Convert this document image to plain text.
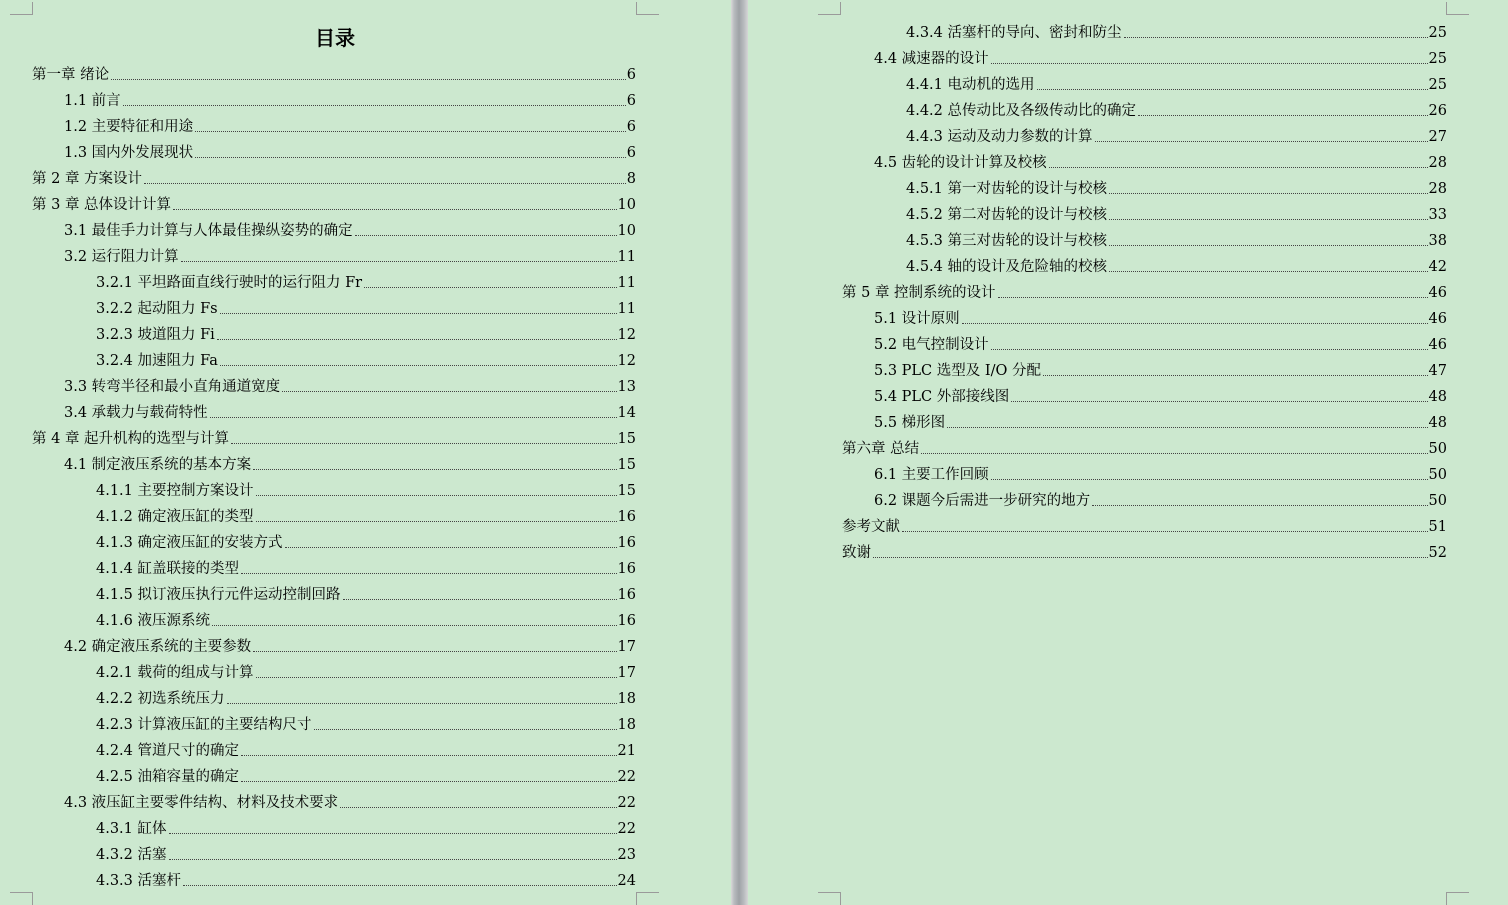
目录
第一章 绪论	6
1.1 前言	6
1.2 主要特征和用途	6
1.3 国内外发展现状	6
第 2 章 方案设计	8
第 3 章 总体设计计算	10
3.1 最佳手力计算与人体最佳操纵姿势的确定	10
3.2 运行阻力计算	11
3.2.1 平坦路面直线行驶时的运行阻力 Fr	11
3.2.2 起动阻力 Fs	11
3.2.3 坡道阻力 Fi	12
3.2.4 加速阻力 Fa	12
3.3 转弯半径和最小直角通道宽度	13
3.4 承载力与载荷特性	14
第 4 章 起升机构的选型与计算	15
4.1 制定液压系统的基本方案	15
4.1.1 主要控制方案设计	15
4.1.2 确定液压缸的类型	16
4.1.3 确定液压缸的安装方式	16
4.1.4 缸盖联接的类型	16
4.1.5 拟订液压执行元件运动控制回路	16
4.1.6 液压源系统	16
4.2 确定液压系统的主要参数	17
4.2.1 载荷的组成与计算	17
4.2.2 初选系统压力	18
4.2.3 计算液压缸的主要结构尺寸	18
4.2.4 管道尺寸的确定	21
4.2.5 油箱容量的确定	22
4.3 液压缸主要零件结构、材料及技术要求	22
4.3.1 缸体	22
4.3.2 活塞	23
4.3.3 活塞杆	24
4.3.4 活塞杆的导向、密封和防尘	25
4.4 减速器的设计	25
4.4.1 电动机的选用	25
4.4.2 总传动比及各级传动比的确定	26
4.4.3 运动及动力参数的计算	27
4.5 齿轮的设计计算及校核	28
4.5.1 第一对齿轮的设计与校核	28
4.5.2 第二对齿轮的设计与校核	33
4.5.3 第三对齿轮的设计与校核	38
4.5.4 轴的设计及危险轴的校核	42
第 5 章 控制系统的设计	46
5.1 设计原则	46
5.2 电气控制设计	46
5.3 PLC 选型及 I/O 分配	47
5.4 PLC 外部接线图	48
5.5 梯形图	48
第六章 总结	50
6.1 主要工作回顾	50
6.2 课题今后需进一步研究的地方	50
参考文献	51
致谢	52
